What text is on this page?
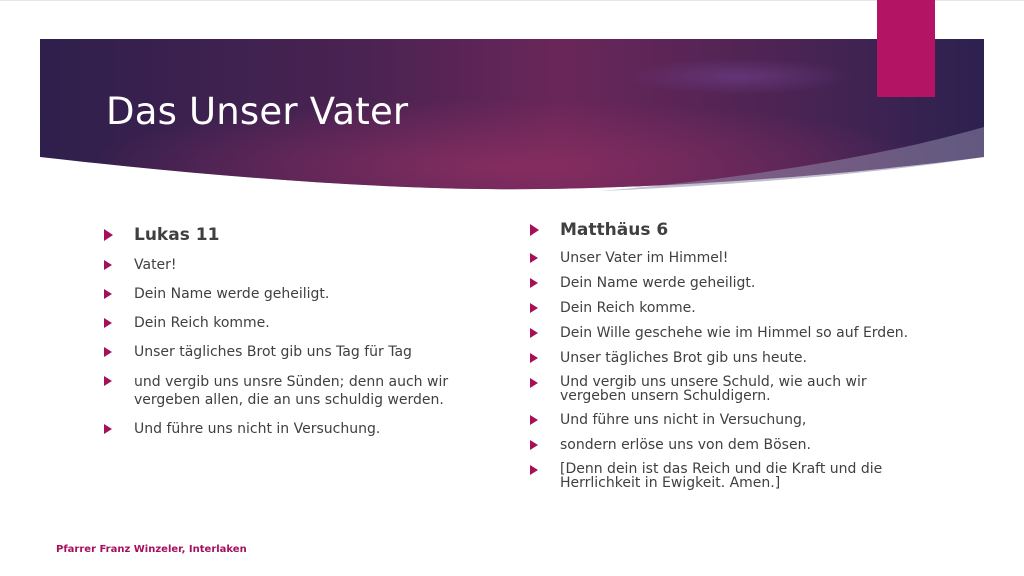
Das Unser Vater
Lukas 11
Vater!
Dein Name werde geheiligt.
Dein Reich komme.
Unser tägliches Brot gib uns Tag für Tag
und vergib uns unsre Sünden; denn auch wir vergeben allen, die an uns schuldig werden.
Und führe uns nicht in Versuchung.
Matthäus 6
Unser Vater im Himmel!
Dein Name werde geheiligt.
Dein Reich komme.
Dein Wille geschehe wie im Himmel so auf Erden.
Unser tägliches Brot gib uns heute.
Und vergib uns unsere Schuld, wie auch wir vergeben unsern Schuldigern.
Und führe uns nicht in Versuchung,
sondern erlöse uns von dem Bösen.
[Denn dein ist das Reich und die Kraft und die Herrlichkeit in Ewigkeit. Amen.]
Pfarrer Franz Winzeler, Interlaken
